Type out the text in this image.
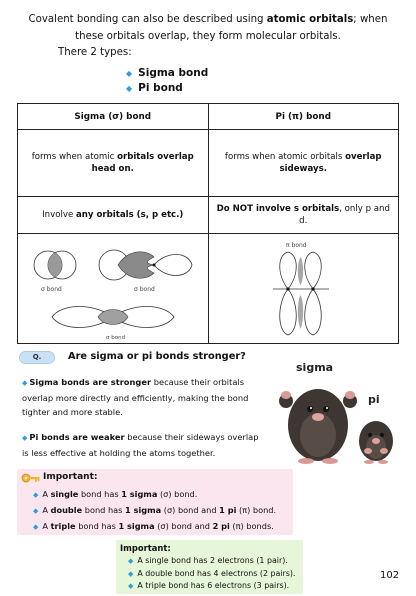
Covalent bonding can also be described using atomic orbitals; when these orbitals overlap, they form molecular orbitals.
There 2 types:
◆ Sigma bond
◆ Pi bond
Sigma (σ) bond	Pi (π) bond
forms when atomic orbitals overlap head on.	forms when atomic orbitals overlap sideways.
Involve any orbitals (s, p etc.)	Do NOT involve s orbitals, only p and d.

σ bond σ bond
σ bond	π bond
Q.	Are sigma or pi bonds stronger?
◆ Sigma bonds are stronger because their orbitals overlap more directly and efficiently, making the bond tighter and more stable.
◆ Pi bonds are weaker because their sideways overlap is less effective at holding the atoms together.
sigma
pi
Important:
◆ A single bond has 1 sigma (σ) bond.
◆ A double bond has 1 sigma (σ) bond and 1 pi (π) bond.
◆ A triple bond has 1 sigma (σ) bond and 2 pi (π) bonds.
Important:
◆ A single bond has 2 electrons (1 pair).
◆ A double bond has 4 electrons (2 pairs).
◆ A triple bond has 6 electrons (3 pairs).
102
